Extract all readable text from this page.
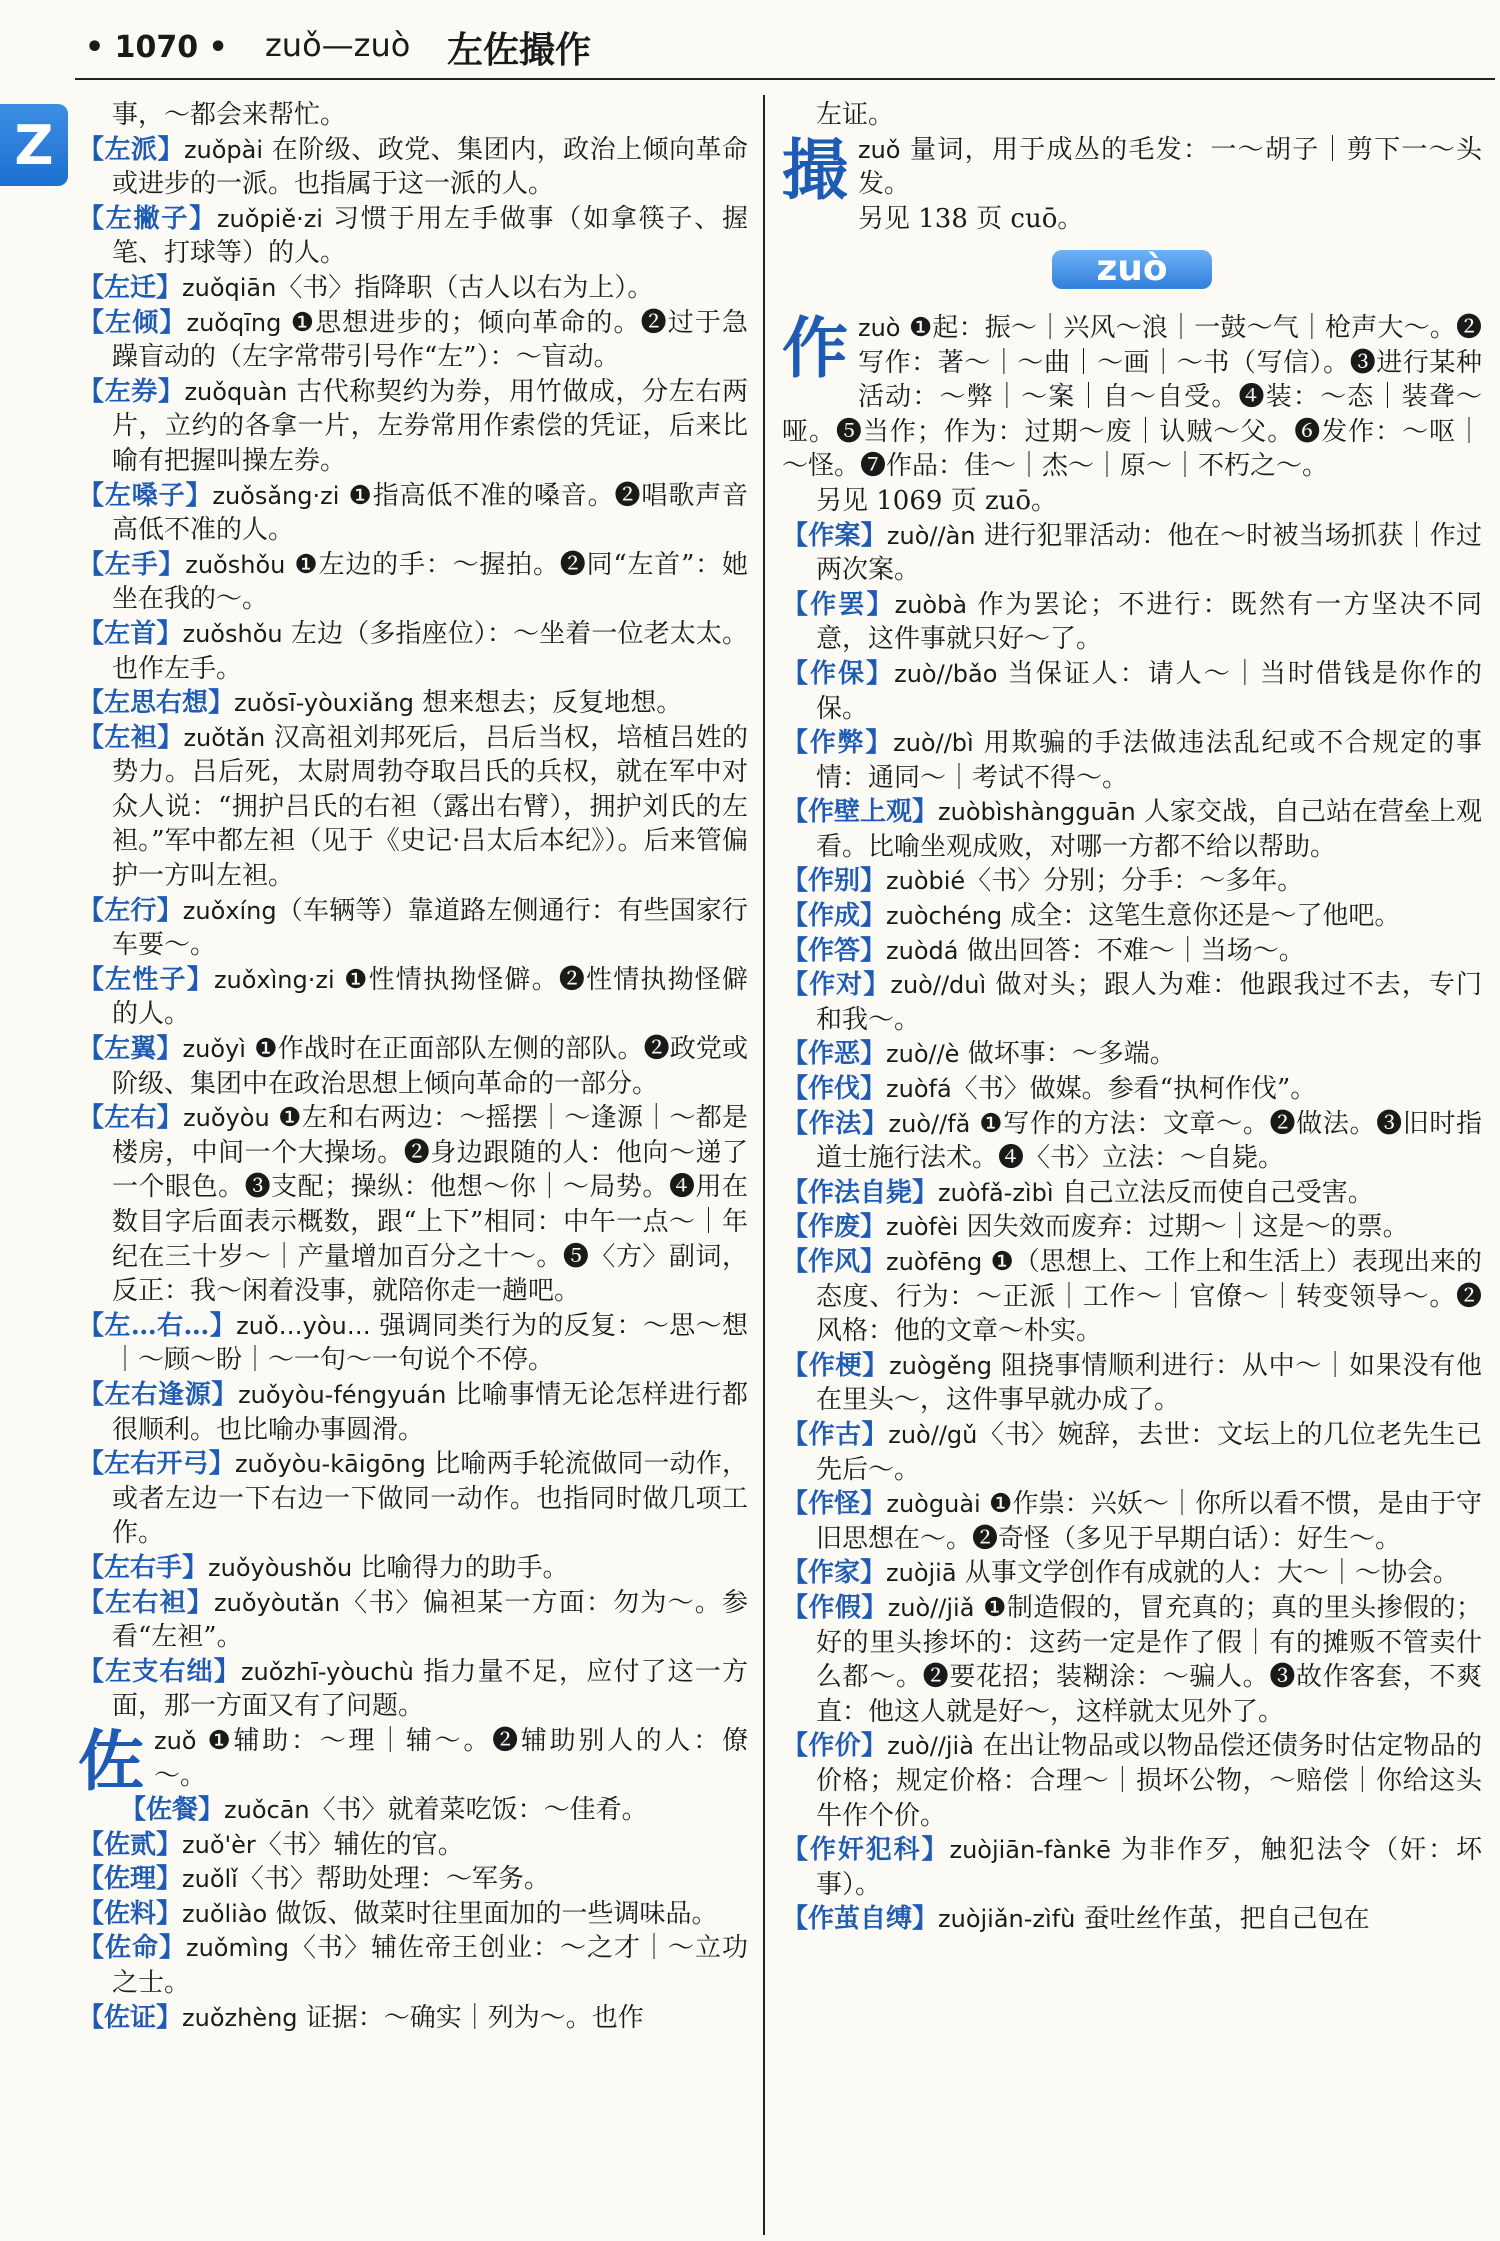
• 1070 • zuǒ—zuò 左佐撮作
Z	事，～都会来帮忙。

【左派】zuǒpài 在阶级、政党、集团内，政治上倾向革命或进步的一派。也指属于这一派的人。

【左撇子】zuǒpiě·zi 习惯于用左手做事（如拿筷子、握笔、打球等）的人。

【左迁】zuǒqiān〈书〉指降职（古人以右为上）。

【左倾】zuǒqīng ❶思想进步的；倾向革命的。❷过于急躁盲动的（左字常带引号作“左”）：～盲动。

【左券】zuǒquàn 古代称契约为券，用竹做成，分左右两片，立约的各拿一片，左券常用作索偿的凭证，后来比喻有把握叫操左券。

【左嗓子】zuǒsǎng·zi ❶指高低不准的嗓音。❷唱歌声音高低不准的人。

【左手】zuǒshǒu ❶左边的手：～握拍。❷同“左首”：她坐在我的～。

【左首】zuǒshǒu 左边（多指座位）：～坐着一位老太太。也作左手。

【左思右想】zuǒsī-yòuxiǎng 想来想去；反复地想。

【左袒】zuǒtǎn 汉高祖刘邦死后，吕后当权，培植吕姓的势力。吕后死，太尉周勃夺取吕氏的兵权，就在军中对众人说：“拥护吕氏的右袒（露出右臂），拥护刘氏的左袒。”军中都左袒（见于《史记·吕太后本纪》）。后来管偏护一方叫左袒。

【左行】zuǒxíng（车辆等）靠道路左侧通行：有些国家行车要～。

【左性子】zuǒxìng·zi ❶性情执拗怪僻。❷性情执拗怪僻的人。

【左翼】zuǒyì ❶作战时在正面部队左侧的部队。❷政党或阶级、集团中在政治思想上倾向革命的一部分。

【左右】zuǒyòu ❶左和右两边：～摇摆｜～逢源｜～都是楼房，中间一个大操场。❷身边跟随的人：他向～递了一个眼色。❸支配；操纵：他想～你｜～局势。❹用在数目字后面表示概数，跟“上下”相同：中午一点～｜年纪在三十岁～｜产量增加百分之十～。❺〈方〉副词，反正：我～闲着没事，就陪你走一趟吧。

【左…右…】zuǒ…yòu… 强调同类行为的反复：～思～想｜～顾～盼｜～一句～一句说个不停。

【左右逢源】zuǒyòu-féngyuán 比喻事情无论怎样进行都很顺利。也比喻办事圆滑。

【左右开弓】zuǒyòu-kāigōng 比喻两手轮流做同一动作，或者左边一下右边一下做同一动作。也指同时做几项工作。

【左右手】zuǒyòushǒu 比喻得力的助手。

【左右袒】zuǒyòutǎn〈书〉偏袒某一方面：勿为～。参看“左袒”。

【左支右绌】zuǒzhī-yòuchù 指力量不足，应付了这一方面，那一方面又有了问题。

佐zuǒ ❶辅助：～理｜辅～。❷辅助别人的人：僚～。

【佐餐】zuǒcān〈书〉就着菜吃饭：～佳肴。

【佐贰】zuǒ'èr〈书〉辅佐的官。

【佐理】zuǒlǐ〈书〉帮助处理：～军务。

【佐料】zuǒliào 做饭、做菜时往里面加的一些调味品。

【佐命】zuǒmìng〈书〉辅佐帝王创业：～之才｜～立功之士。

【佐证】zuǒzhèng 证据：～确实｜列为～。也作

左证。

撮zuǒ 量词，用于成丛的毛发：一～胡子｜剪下一～头发。

另见 138 页 cuō。

zuò

作zuò ❶起：振～｜兴风～浪｜一鼓～气｜枪声大～。❷写作：著～｜～曲｜～画｜～书（写信）。❸进行某种活动：～弊｜～案｜自～自受。❹装：～态｜装聋～哑。❺当作；作为：过期～废｜认贼～父。❻发作：～呕｜～怪。❼作品：佳～｜杰～｜原～｜不朽之～。

另见 1069 页 zuō。

【作案】zuò//àn 进行犯罪活动：他在～时被当场抓获｜作过两次案。

【作罢】zuòbà 作为罢论；不进行：既然有一方坚决不同意，这件事就只好～了。

【作保】zuò//bǎo 当保证人：请人～｜当时借钱是你作的保。

【作弊】zuò//bì 用欺骗的手法做违法乱纪或不合规定的事情：通同～｜考试不得～。

【作壁上观】zuòbìshàngguān 人家交战，自己站在营垒上观看。比喻坐观成败，对哪一方都不给以帮助。

【作别】zuòbié〈书〉分别；分手：～多年。

【作成】zuòchéng 成全：这笔生意你还是～了他吧。

【作答】zuòdá 做出回答：不难～｜当场～。

【作对】zuò//duì 做对头；跟人为难：他跟我过不去，专门和我～。

【作恶】zuò//è 做坏事：～多端。

【作伐】zuòfá〈书〉做媒。参看“执柯作伐”。

【作法】zuò//fǎ ❶写作的方法：文章～。❷做法。❸旧时指道士施行法术。❹〈书〉立法：～自毙。

【作法自毙】zuòfǎ-zìbì 自己立法反而使自己受害。

【作废】zuòfèi 因失效而废弃：过期～｜这是～的票。

【作风】zuòfēng ❶（思想上、工作上和生活上）表现出来的态度、行为：～正派｜工作～｜官僚～｜转变领导～。❷风格：他的文章～朴实。

【作梗】zuògěng 阻挠事情顺利进行：从中～｜如果没有他在里头～，这件事早就办成了。

【作古】zuò//gǔ〈书〉婉辞，去世：文坛上的几位老先生已先后～。

【作怪】zuòguài ❶作祟：兴妖～｜你所以看不惯，是由于守旧思想在～。❷奇怪（多见于早期白话）：好生～。

【作家】zuòjiā 从事文学创作有成就的人：大～｜～协会。

【作假】zuò//jiǎ ❶制造假的，冒充真的；真的里头掺假的；好的里头掺坏的：这药一定是作了假｜有的摊贩不管卖什么都～。❷要花招；装糊涂：～骗人。❸故作客套，不爽直：他这人就是好～，这样就太见外了。

【作价】zuò//jià 在出让物品或以物品偿还债务时估定物品的价格；规定价格：合理～｜损坏公物，～赔偿｜你给这头牛作个价。

【作奸犯科】zuòjiān-fànkē 为非作歹，触犯法令（奸：坏事）。

【作茧自缚】zuòjiǎn-zìfù 蚕吐丝作茧，把自己包在
